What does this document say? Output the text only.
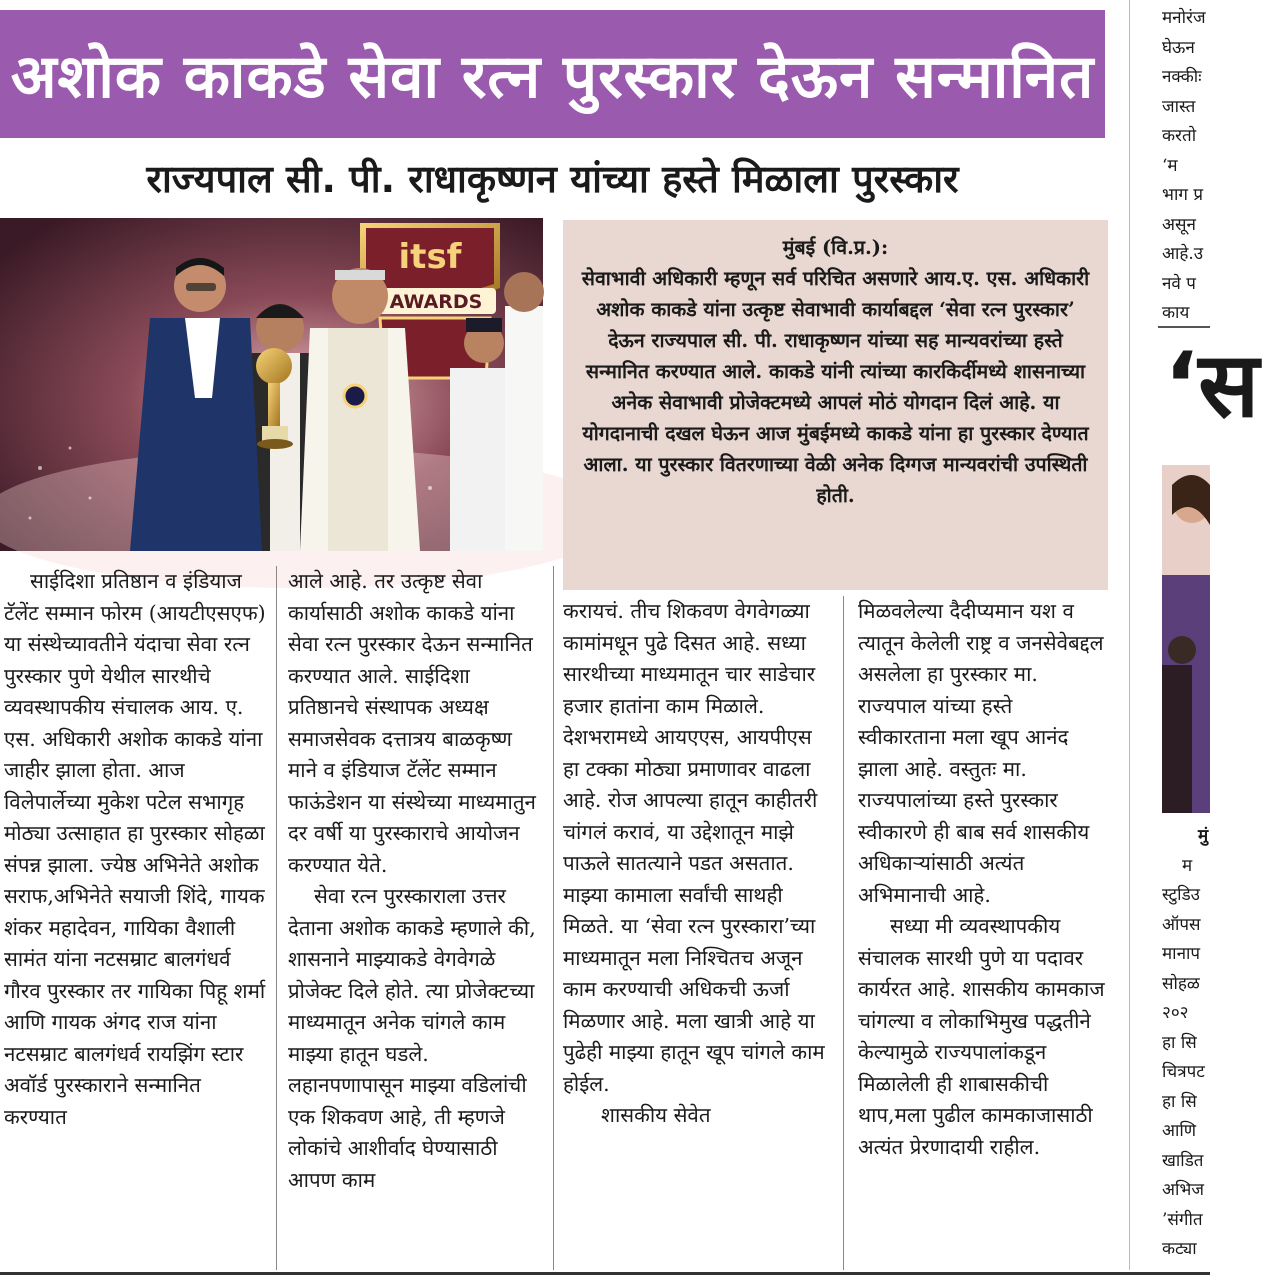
अशोक काकडे सेवा रत्न पुरस्कार देऊन सन्मानित
राज्यपाल सी. पी. राधाकृष्णन यांच्या हस्ते मिळाला पुरस्कार
itsf
AWARDS
मुंबई (वि.प्र.):
सेवाभावी अधिकारी म्हणून सर्व परिचित असणारे आय.ए. एस. अधिकारी अशोक काकडे यांना उत्कृष्ट सेवाभावी कार्याबद्दल ‘सेवा रत्न पुरस्कार’ देऊन राज्यपाल सी. पी. राधाकृष्णन यांच्या सह मान्यवरांच्या हस्ते सन्मानित करण्यात आले. काकडे यांनी त्यांच्या कारकिर्दीमध्ये शासनाच्या अनेक सेवाभावी प्रोजेक्टमध्ये आपलं मोठं योगदान दिलं आहे. या योगदानाची दखल घेऊन आज मुंबईमध्ये काकडे यांना हा पुरस्कार देण्यात आला. या पुरस्कार वितरणाच्या वेळी अनेक दिग्गज मान्यवरांची उपस्थिती होती.

साईदिशा प्रतिष्ठान व इंडियाज टॅलेंट सम्मान फोरम (आयटीएसएफ) या संस्थेच्यावतीने यंदाचा सेवा रत्न पुरस्कार पुणे येथील सारथीचे व्यवस्थापकीय संचालक आय. ए. एस. अधिकारी अशोक काकडे यांना जाहीर झाला होता. आज विलेपार्लेच्या मुकेश पटेल सभागृह मोठ्या उत्साहात हा पुरस्कार सोहळा संपन्न झाला. ज्येष्ठ अभिनेते अशोक सराफ,अभिनेते सयाजी शिंदे, गायक शंकर महादेवन, गायिका वैशाली सामंत यांना नटसम्राट बालगंधर्व गौरव पुरस्कार तर गायिका पिहू शर्मा आणि गायक अंगद राज यांना नटसम्राट बालगंधर्व रायझिंग स्टार अवॉर्ड पुरस्काराने सन्मानित करण्यात

आले आहे. तर उत्कृष्ट सेवा कार्यासाठी अशोक काकडे यांना सेवा रत्न पुरस्कार देऊन सन्मानित करण्यात आले. साईदिशा प्रतिष्ठानचे संस्थापक अध्यक्ष समाजसेवक दत्तात्रय बाळकृष्ण माने व इंडियाज टॅलेंट सम्मान फाऊंडेशन या संस्थेच्या माध्यमातुन दर वर्षी या पुरस्काराचे आयोजन करण्यात येते.

सेवा रत्न पुरस्काराला उत्तर देताना अशोक काकडे म्हणाले की, शासनाने माझ्याकडे वेगवेगळे प्रोजेक्ट दिले होते. त्या प्रोजेक्टच्या माध्यमातून अनेक चांगले काम माझ्या हातून घडले. लहानपणापासून माझ्या वडिलांची एक शिकवण आहे, ती म्हणजे लोकांचे आशीर्वाद घेण्यासाठी आपण काम

करायचं. तीच शिकवण वेगवेगळ्या कामांमधून पुढे दिसत आहे. सध्या सारथीच्या माध्यमातून चार साडेचार हजार हातांना काम मिळाले. देशभरामध्ये आयएएस, आयपीएस हा टक्का मोठ्या प्रमाणावर वाढला आहे. रोज आपल्या हातून काहीतरी चांगलं करावं, या उद्देशातून माझे पाऊले सातत्याने पडत असतात. माझ्या कामाला सर्वांची साथही मिळते. या ‘सेवा रत्न पुरस्कारा’च्या माध्यमातून मला निश्चितच अजून काम करण्याची अधिकची ऊर्जा मिळणार आहे. मला खात्री आहे या पुढेही माझ्या हातून खूप चांगले काम होईल.

शासकीय सेवेत

मिळवलेल्या दैदीप्यमान यश व त्यातून केलेली राष्ट्र व जनसेवेबद्दल असलेला हा पुरस्कार मा. राज्यपाल यांच्या हस्ते स्वीकारताना मला खूप आनंद झाला आहे. वस्तुतः मा. राज्यपालांच्या हस्ते पुरस्कार स्वीकारणे ही बाब सर्व शासकीय अधिकाऱ्यांसाठी अत्यंत अभिमानाची आहे.

सध्या मी व्यवस्थापकीय संचालक सारथी पुणे या पदावर कार्यरत आहे. शासकीय कामकाज चांगल्या व लोकाभिमुख पद्धतीने केल्यामुळे राज्यपालांकडून मिळालेली ही शाबासकीची थाप,मला पुढील कामकाजासाठी अत्यंत प्रेरणादायी राहील.

मनोरंज
घेऊन
नक्कीः
जास्त
करतो
‘म
भाग प्र
असून
आहे.उ
नवे प
काय
‘स
मुं
म
स्टुडिउ
ऑपस
मानाप
सोहळ
२०२
हा सि
चित्रपट
हा सि
आणि
खाडित
अभिज
’संगीत
कट्या
